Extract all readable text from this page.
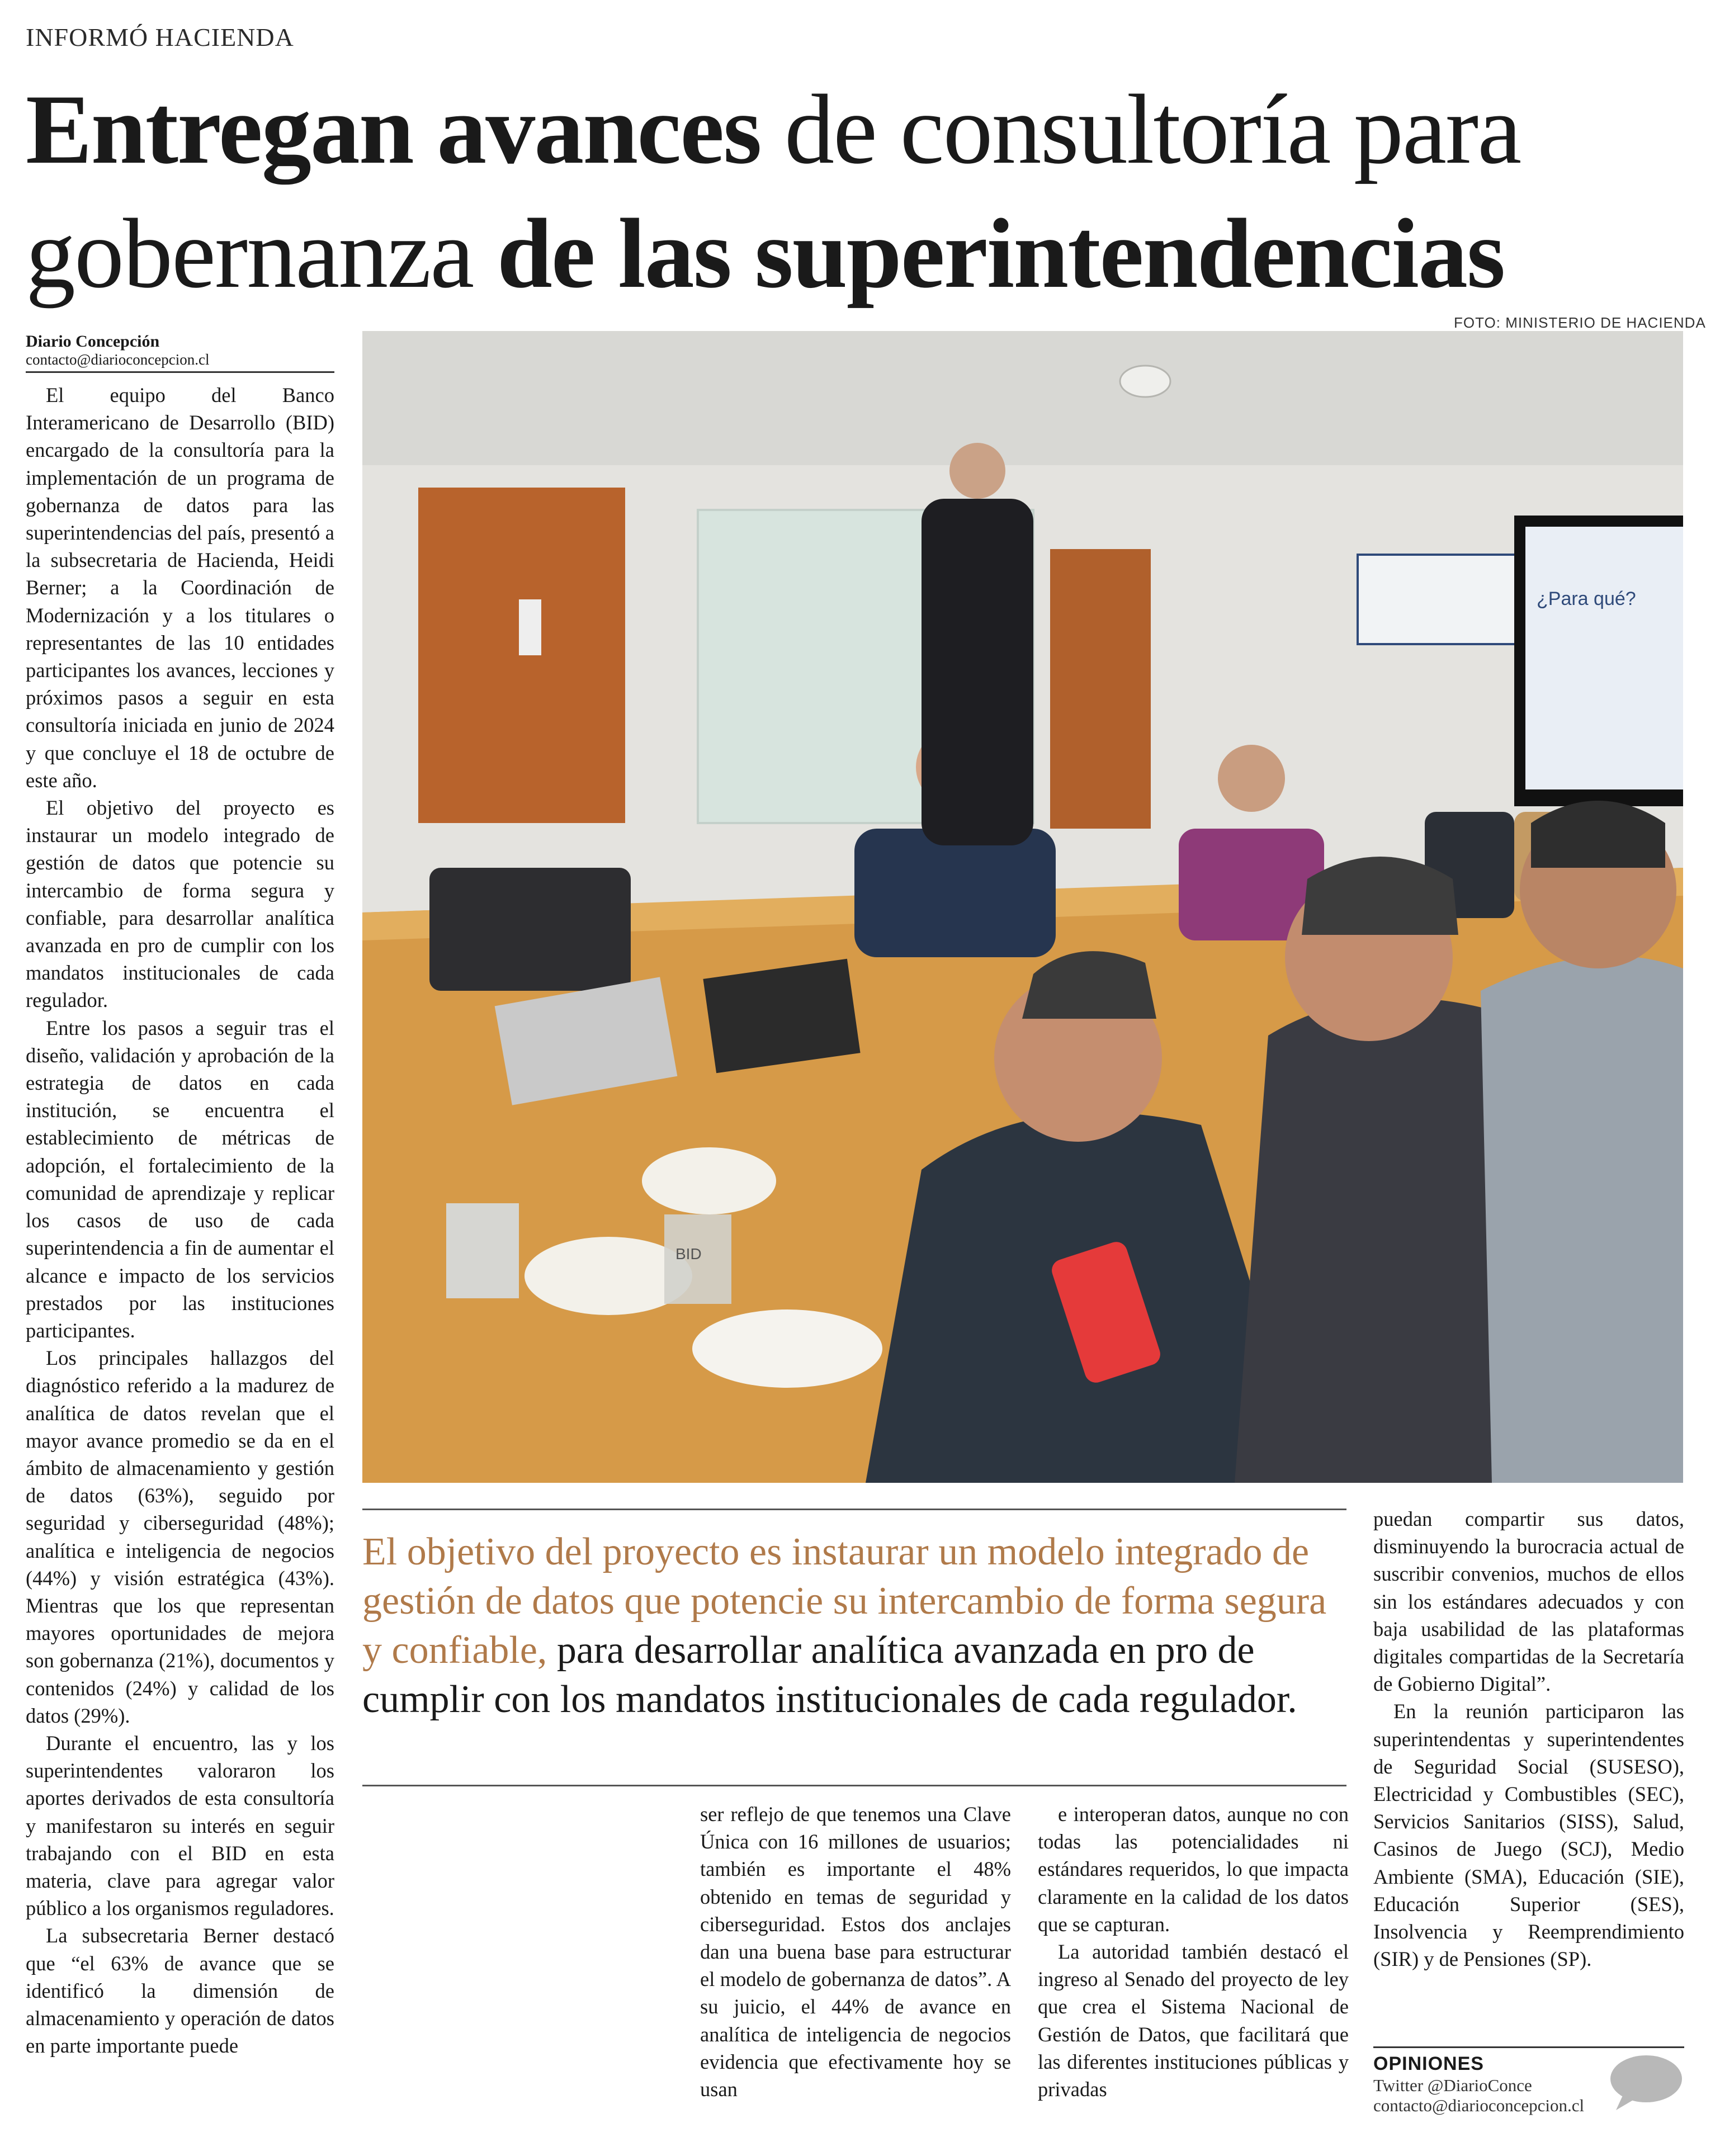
INFORMÓ HACIENDA
Entregan avances de consultoría para gobernanza de las superintendencias
Diario Concepción
contacto@diarioconcepcion.cl
FOTO: MINISTERIO DE HACIENDA

El equipo del Banco Interamericano de Desarrollo (BID) encargado de la consultoría para la implementación de un programa de gobernanza de datos para las superintendencias del país, presentó a la subsecretaria de Hacienda, Heidi Berner; a la Coordinación de Modernización y a los titulares o representantes de las 10 entidades participantes los avances, lecciones y próximos pasos a seguir en esta consultoría iniciada en junio de 2024 y que concluye el 18 de octubre de este año.

El objetivo del proyecto es instaurar un modelo integrado de gestión de datos que potencie su intercambio de forma segura y confiable, para desarrollar analítica avanzada en pro de cumplir con los mandatos institucionales de cada regulador.

Entre los pasos a seguir tras el diseño, validación y aprobación de la estrategia de datos en cada institución, se encuentra el establecimiento de métricas de adopción, el fortalecimiento de la comunidad de aprendizaje y replicar los casos de uso de cada superintendencia a fin de aumentar el alcance e impacto de los servicios prestados por las instituciones participantes.

Los principales hallazgos del diagnóstico referido a la madurez de analítica de datos revelan que el mayor avance promedio se da en el ámbito de almacenamiento y gestión de datos (63%), seguido por seguridad y ciberseguridad (48%); analítica e inteligencia de negocios (44%) y visión estratégica (43%). Mientras que los que representan mayores oportunidades de mejora son gobernanza (21%), documentos y contenidos (24%) y calidad de los datos (29%).

Durante el encuentro, las y los superintendentes valoraron los aportes derivados de esta consultoría y manifestaron su interés en seguir trabajando con el BID en esta materia, clave para agregar valor público a los organismos reguladores.

La subsecretaria Berner destacó que “el 63% de avance que se identificó la dimensión de almacenamiento y operación de datos en parte importante puede

¿Para qué?
BID
El objetivo del proyecto es instaurar un modelo integrado de gestión de datos que potencie su intercambio de forma segura y confiable, para desarrollar analítica avanzada en pro de cumplir con los mandatos institucionales de cada regulador.

ser reflejo de que tenemos una Clave Única con 16 millones de usuarios; también es importante el 48% obtenido en temas de seguridad y ciberseguridad. Estos dos anclajes dan una buena base para estructurar el modelo de gobernanza de datos”. A su juicio, el 44% de avance en analítica de inteligencia de negocios evidencia que efectivamente hoy se usan

e interoperan datos, aunque no con todas las potencialidades ni estándares requeridos, lo que impacta claramente en la calidad de los datos que se capturan.

La autoridad también destacó el ingreso al Senado del proyecto de ley que crea el Sistema Nacional de Gestión de Datos, que facilitará que las diferentes instituciones públicas y privadas

puedan compartir sus datos, disminuyendo la burocracia actual de suscribir convenios, muchos de ellos sin los estándares adecuados y con baja usabilidad de las plataformas digitales compartidas de la Secretaría de Gobierno Digital”.

En la reunión participaron las superintendentas y superintendentes de Seguridad Social (SUSESO), Electricidad y Combustibles (SEC), Servicios Sanitarios (SISS), Salud, Casinos de Juego (SCJ), Medio Ambiente (SMA), Educación (SIE), Educación Superior (SES), Insolvencia y Reemprendimiento (SIR) y de Pensiones (SP).

OPINIONES
Twitter @DiarioConce
contacto@diarioconcepcion.cl
